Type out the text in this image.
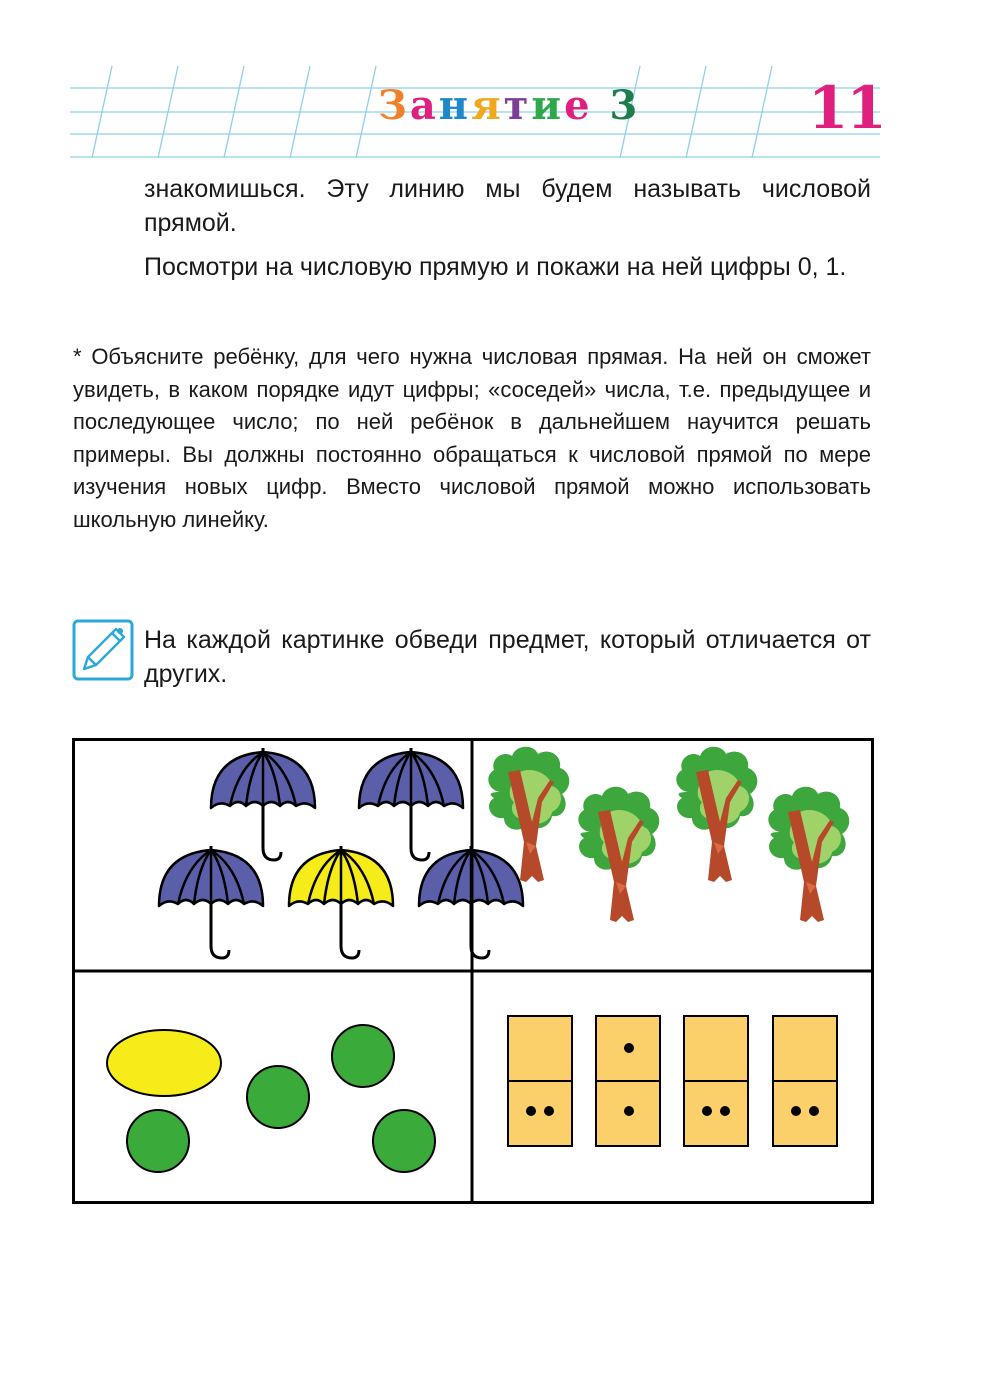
Занятие 3	11
знакомишься. Эту линию мы будем называть числовой прямой.
Посмотри на числовую прямую и покажи на ней цифры 0, 1.
* Объясните ребёнку, для чего нужна числовая прямая. На ней он сможет увидеть, в каком порядке идут цифры; «соседей» числа, т.е. предыдущее и последующее число; по ней ребёнок в дальнейшем научится решать примеры. Вы должны постоянно обращаться к числовой прямой по мере изучения новых цифр. Вместо числовой прямой можно использовать школьную линейку.
На каждой картинке обведи предмет, который отличается от других.
